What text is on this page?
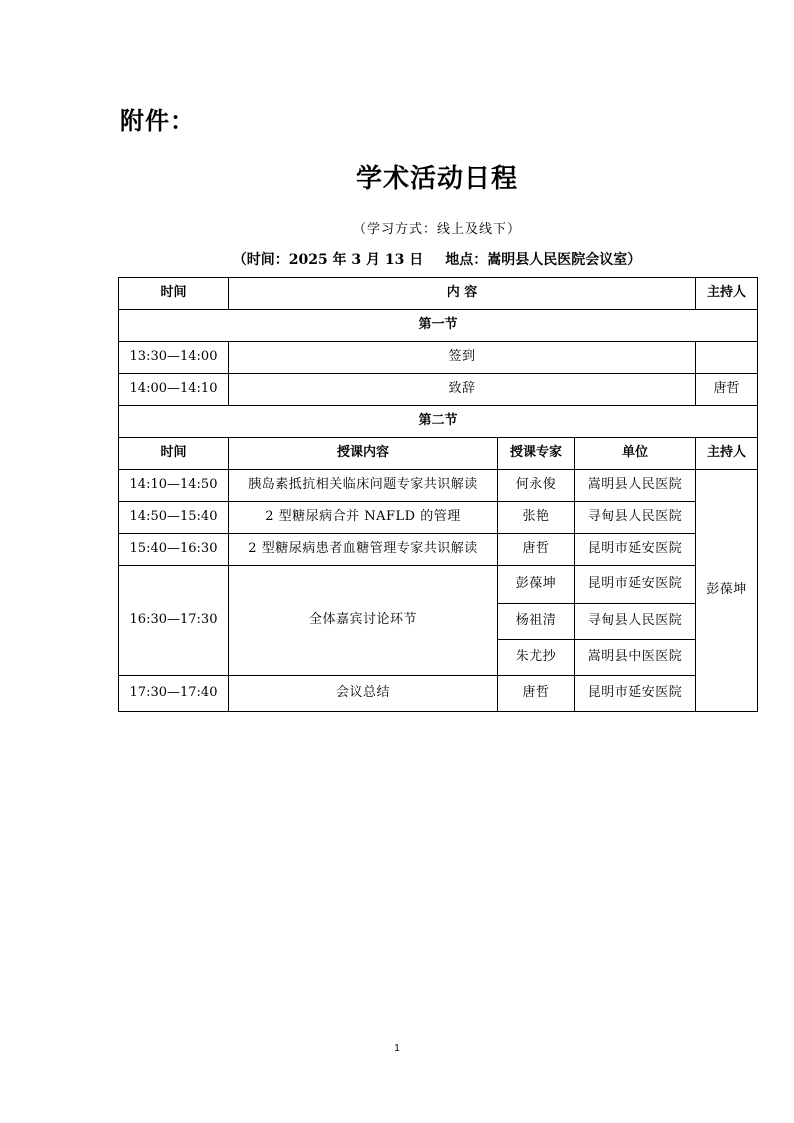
附件：
学术活动日程
（学习方式：线上及线下）
（时间：2025 年 3 月 13 日 地点：嵩明县人民医院会议室）
时间	内 容			主持人
第一节				
13:30—14:00	签到			
14:00—14:10	致辞			唐哲
第二节				
时间	授课内容	授课专家	单位	主持人
14:10—14:50	胰岛素抵抗相关临床问题专家共识解读	何永俊	嵩明县人民医院	彭葆坤
14:50—15:40	2 型糖尿病合并 NAFLD 的管理	张艳	寻甸县人民医院	
15:40—16:30	2 型糖尿病患者血糖管理专家共识解读	唐哲	昆明市延安医院	
16:30—17:30	全体嘉宾讨论环节	彭葆坤	昆明市延安医院	
		杨祖清	寻甸县人民医院	
		朱尤抄	嵩明县中医医院	
17:30—17:40	会议总结	唐哲	昆明市延安医院	
1
